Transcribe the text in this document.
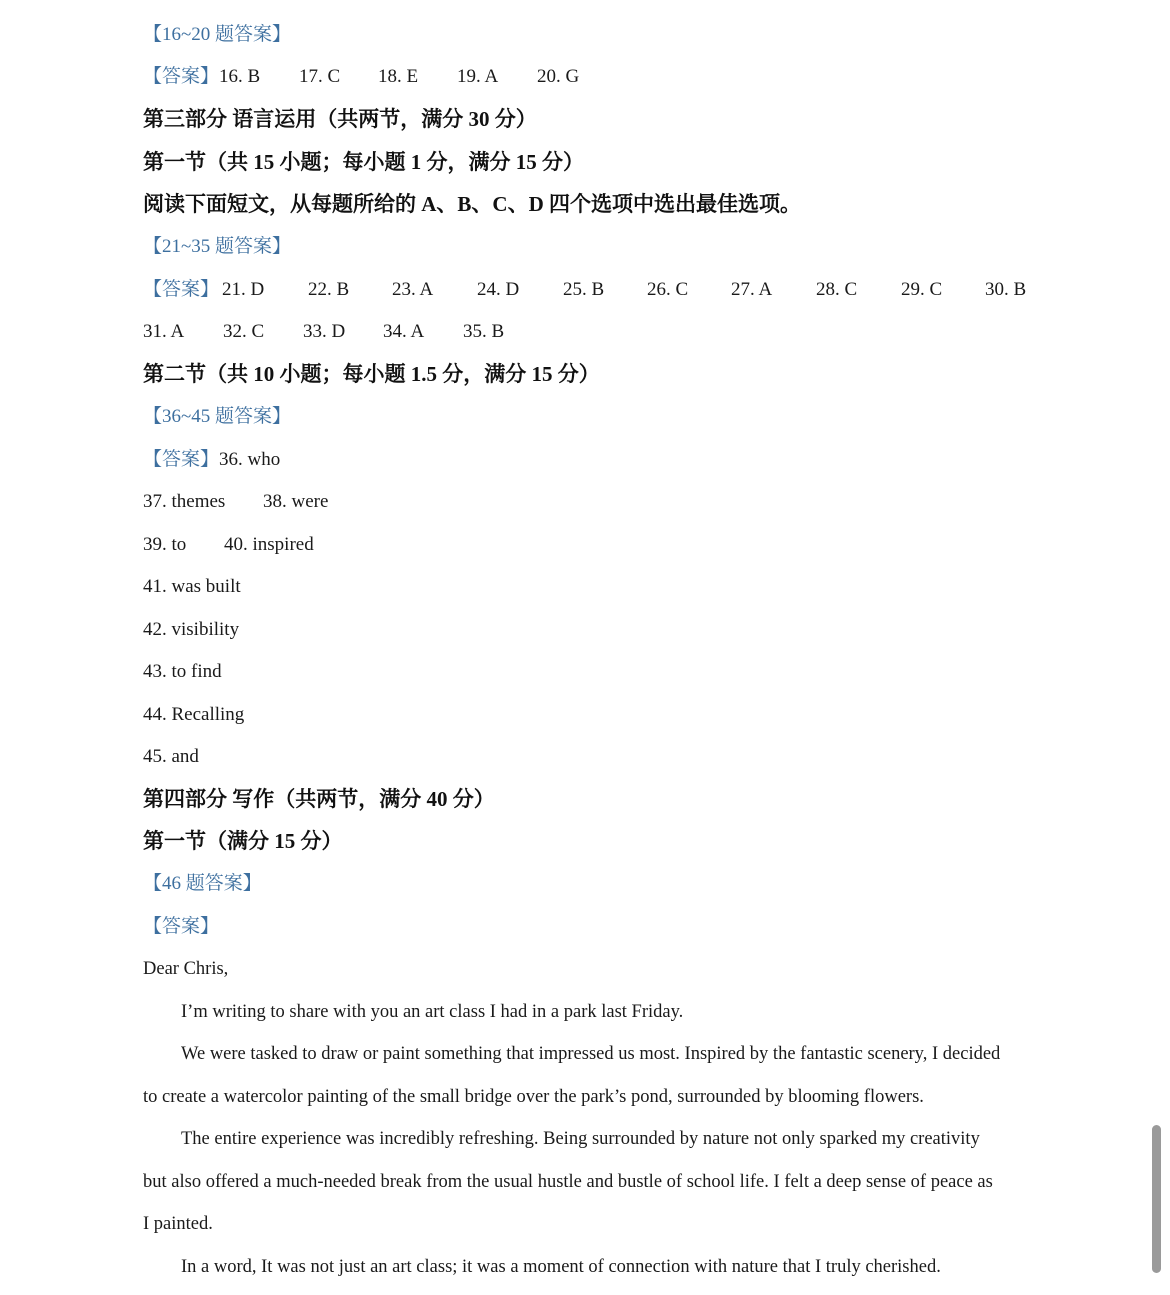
【16~20 题答案】
【答案】 16. B 17. C 18. E 19. A 20. G
第三部分 语言运用（共两节，满分 30 分）
第一节（共 15 小题；每小题 1 分，满分 15 分）
阅读下面短文，从每题所给的 A、B、C、D 四个选项中选出最佳选项。
【21~35 题答案】
【答案】 21. D 22. B 23. A 24. D 25. B 26. C 27. A 28. C 29. C 30. B
31. A 32. C 33. D 34. A 35. B
第二节（共 10 小题；每小题 1.5 分，满分 15 分）
【36~45 题答案】
【答案】 36. who
37. themes 38. were
39. to 40. inspired
41. was built
42. visibility
43. to find
44. Recalling
45. and
第四部分 写作（共两节，满分 40 分）
第一节（满分 15 分）
【46 题答案】
【答案】
Dear Chris,
I’m writing to share with you an art class I had in a park last Friday.
We were tasked to draw or paint something that impressed us most. Inspired by the fantastic scenery, I decided
to create a watercolor painting of the small bridge over the park’s pond, surrounded by blooming flowers.
The entire experience was incredibly refreshing. Being surrounded by nature not only sparked my creativity
but also offered a much-needed break from the usual hustle and bustle of school life. I felt a deep sense of peace as
I painted.
In a word, It was not just an art class; it was a moment of connection with nature that I truly cherished.
